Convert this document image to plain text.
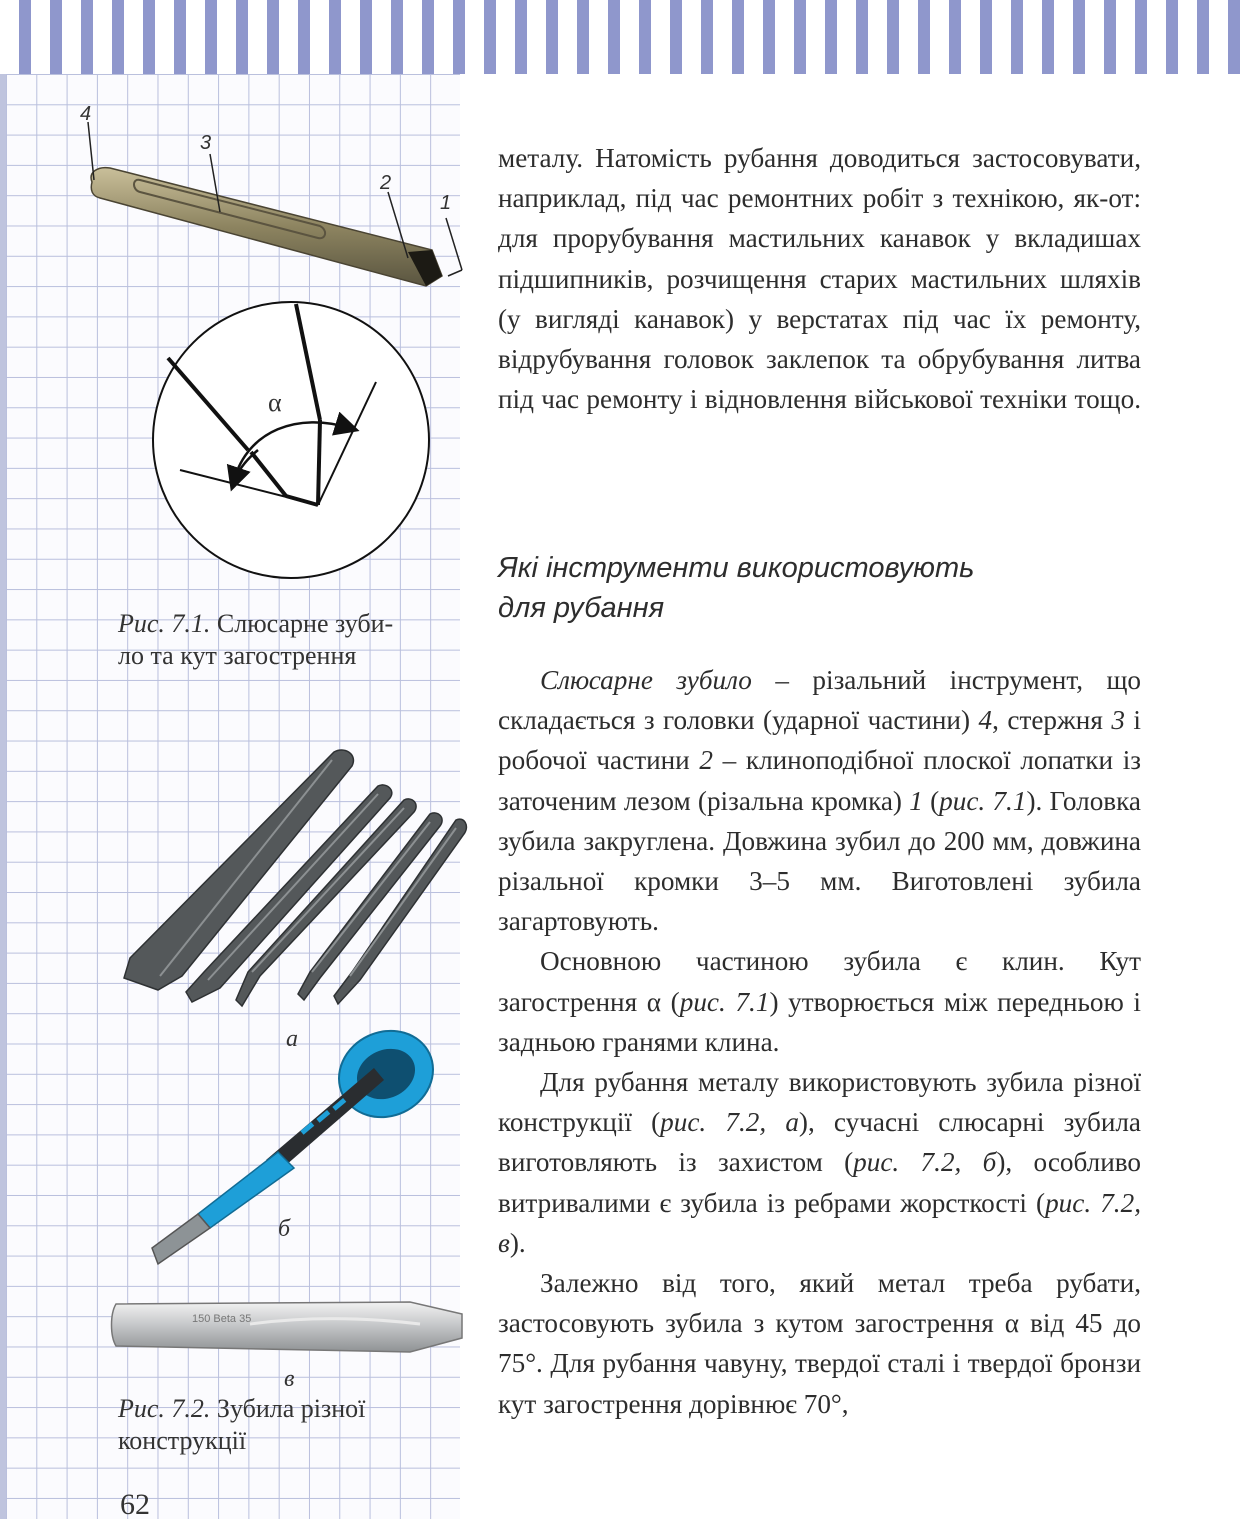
4
3
2
1
α
Рис. 7.1. Слюсарне зуби-
ло та кут загострення
а
б
150 Beta 35
в
Рис. 7.2. Зубила різної
конструкції
62

металу. Натомість рубання доводиться застосовувати, наприклад, під час ремонтних робіт з технікою, як-от: для прорубування мастильних канавок у вкладишах підшипників, розчищення старих мастильних шляхів (у вигляді канавок) у верстатах під час їх ремонту, відрубування головок заклепок та обрубування литва під час ремонту і відновлення військової техніки тощо.

Які інструменти використовують
для рубання

Слюсарне зубило – різальний інструмент, що складається з головки (ударної частини) 4, стержня 3 і робочої частини 2 – клиноподібної плоскої лопатки із заточеним лезом (різальна кромка) 1 (рис. 7.1). Головка зубила закруглена. Довжина зубил до 200 мм, довжина різальної кромки 3–5 мм. Виготовлені зубила загартовують.

Основною частиною зубила є клин. Кут загострення α (рис. 7.1) утворюється між передньою і задньою гранями клина.

Для рубання металу використовують зубила різної конструкції (рис. 7.2, а), сучасні слюсарні зубила виготовляють із захистом (рис. 7.2, б), особливо витривалими є зубила із ребрами жорсткості (рис. 7.2, в).

Залежно від того, який метал треба рубати, застосовують зубила з кутом загострення α від 45 до 75°. Для рубання чавуну, твердої сталі і твердої бронзи кут загострення дорівнює 70°,
